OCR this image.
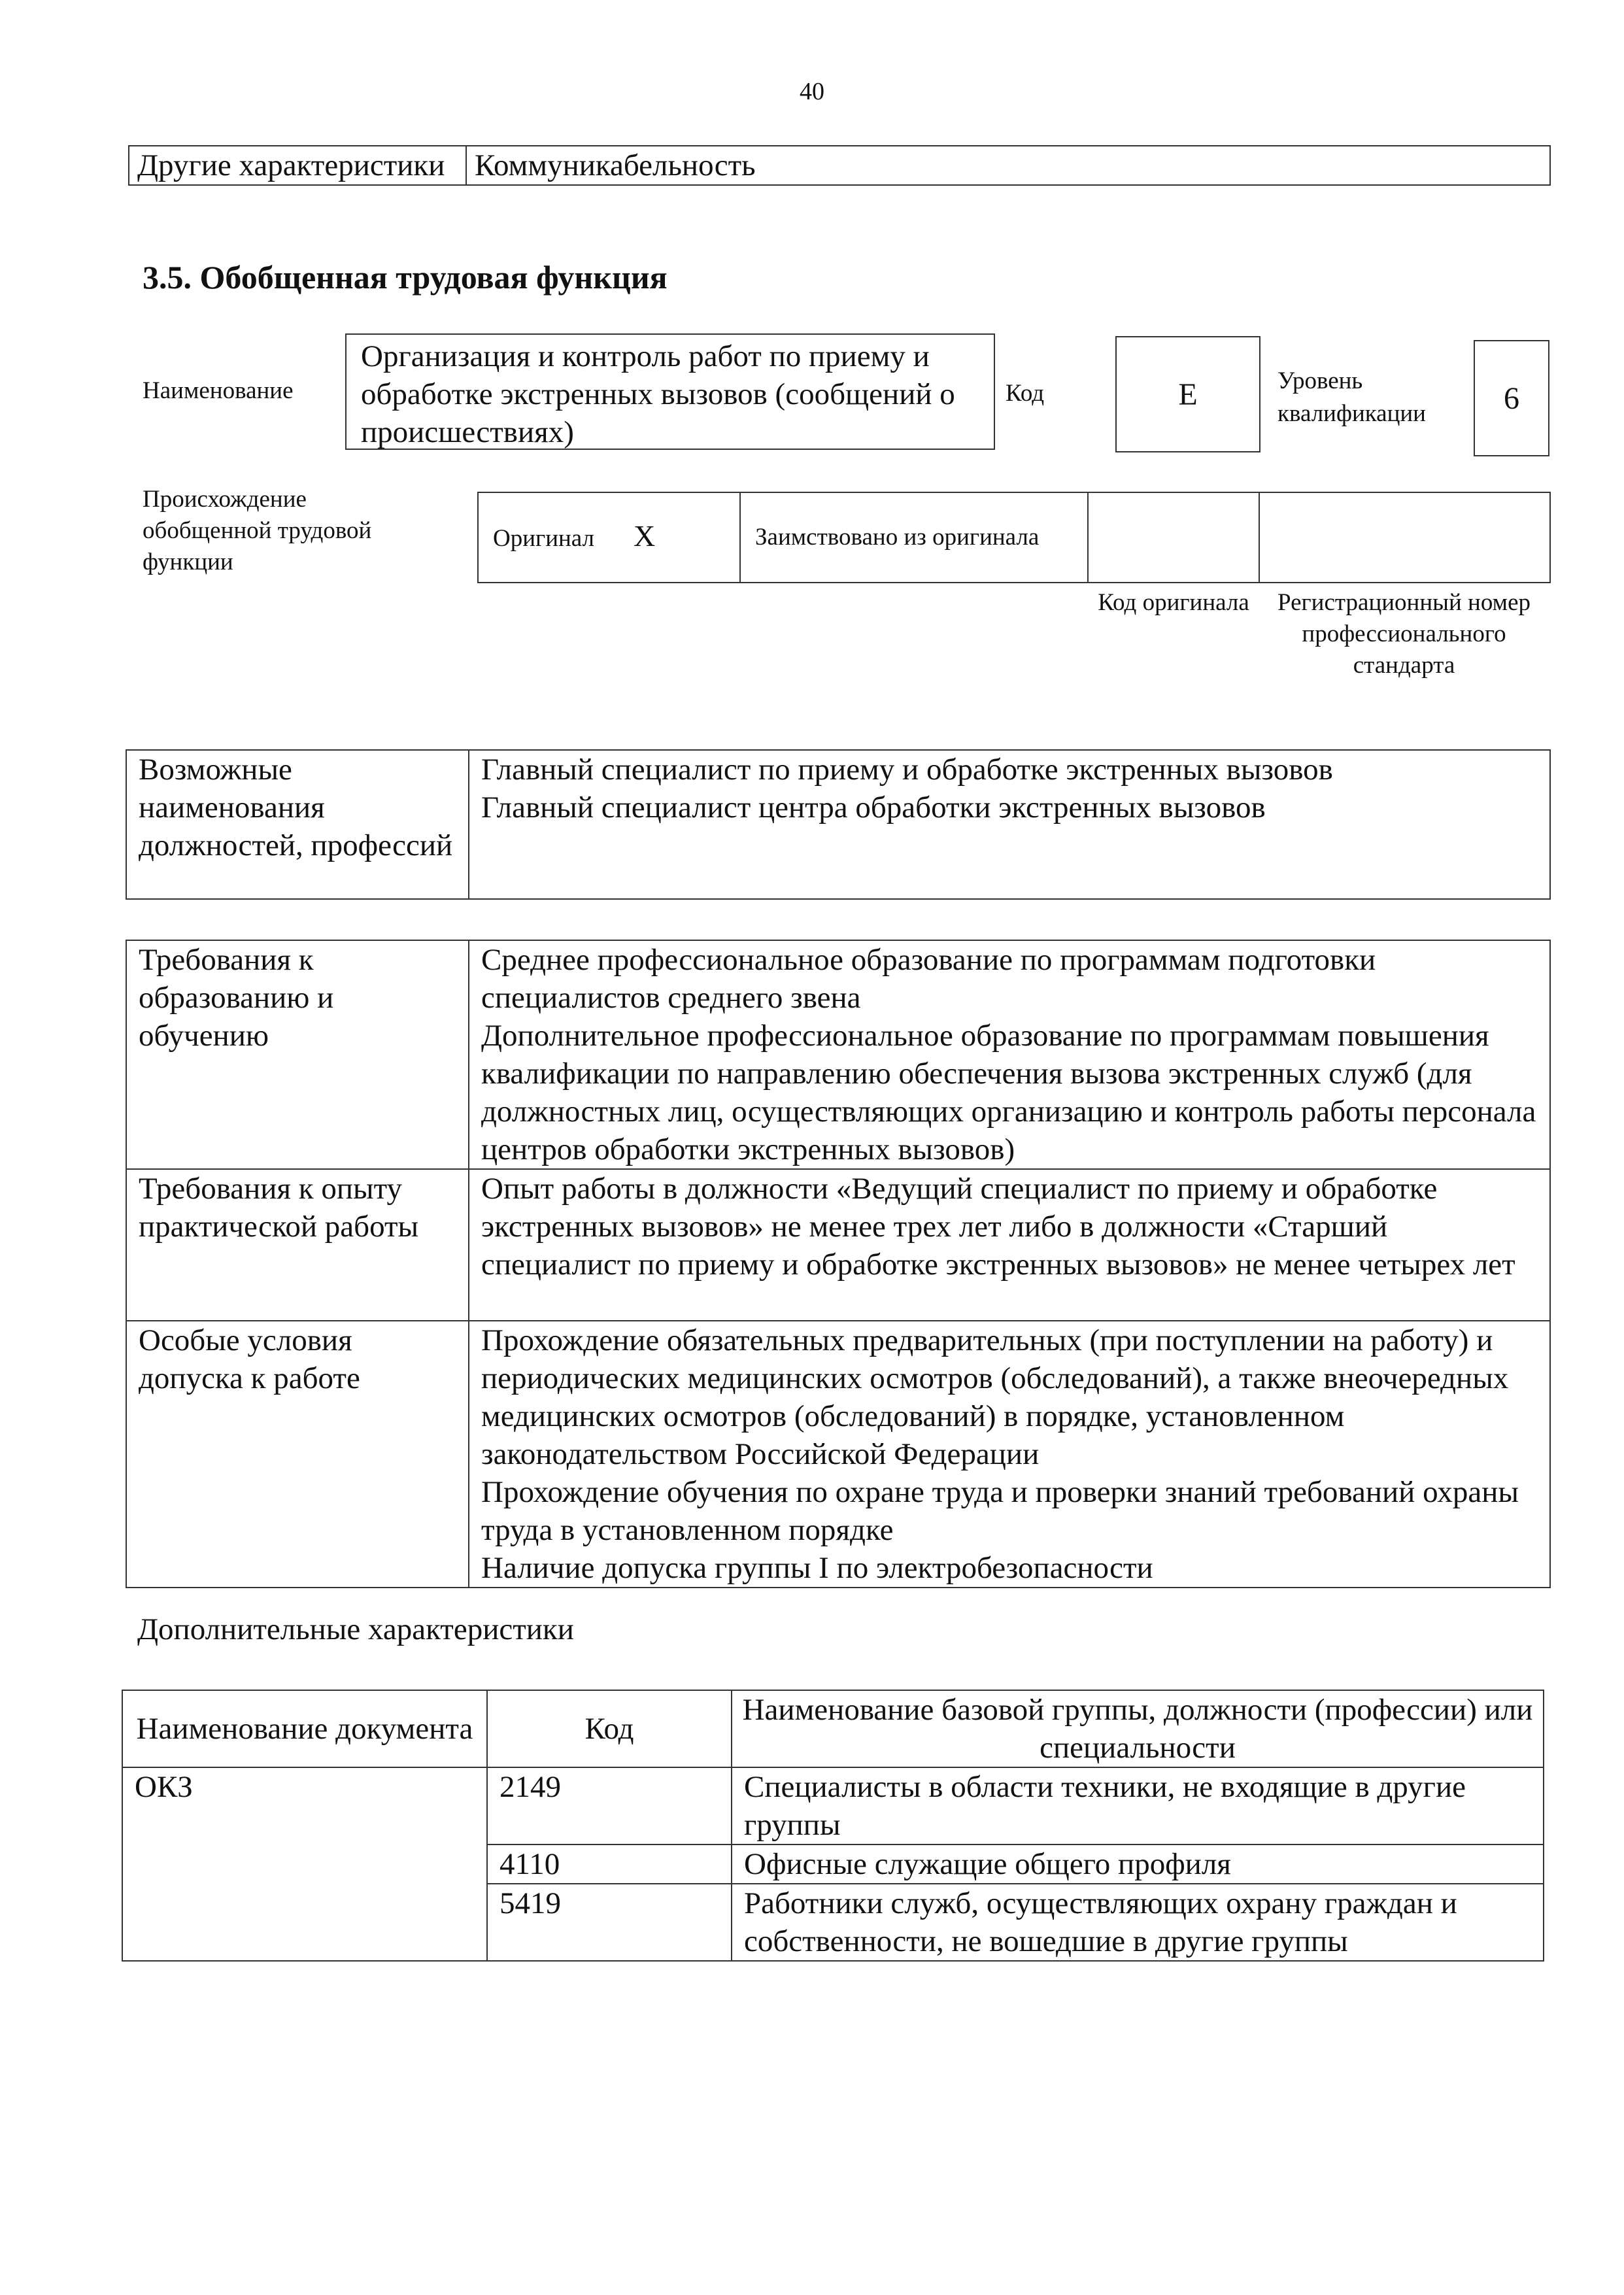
40
Другие характеристики	Коммуникабельность
3.5. Обобщенная трудовая функция
Наименование
Организация и контроль работ по приему и обработке экстренных вызовов (сообщений о происшествиях)
Код	E	Уровень квалификации	6
Происхождение обобщенной трудовой функции
Оригинал X	Заимствовано из оригинала		
Код оригинала	Регистрационный номер профессионального стандарта
Возможные наименования должностей, профессий	
Главный специалист по приему и обработке экстренных вызовов
Главный специалист центра обработки экстренных вызовов
Требования к образованию и обучению	Среднее профессиональное образование по программам подготовки специалистов среднего звена
Дополнительное профессиональное образование по программам повышения квалификации по направлению обеспечения вызова экстренных служб (для должностных лиц, осуществляющих организацию и контроль работы персонала центров обработки экстренных вызовов)

Требования к опыту практической работы	Опыт работы в должности «Ведущий специалист по приему и обработке экстренных вызовов» не менее трех лет либо в должности «Старший специалист по приему и обработке экстренных вызовов» не менее четырех лет
Особые условия допуска к работе	Прохождение обязательных предварительных (при поступлении на работу) и периодических медицинских осмотров (обследований), а также внеочередных медицинских осмотров (обследований) в порядке, установленном законодательством Российской Федерации
Прохождение обучения по охране труда и проверки знаний требований охраны труда в установленном порядке
Наличие допуска группы I по электробезопасности
Дополнительные характеристики
Наименование документа	Код	Наименование базовой группы, должности (профессии) или специальности
ОКЗ	2149	Специалисты в области техники, не входящие в другие группы
	4110	Офисные служащие общего профиля
	5419	Работники служб, осуществляющих охрану граждан и собственности, не вошедшие в другие группы
